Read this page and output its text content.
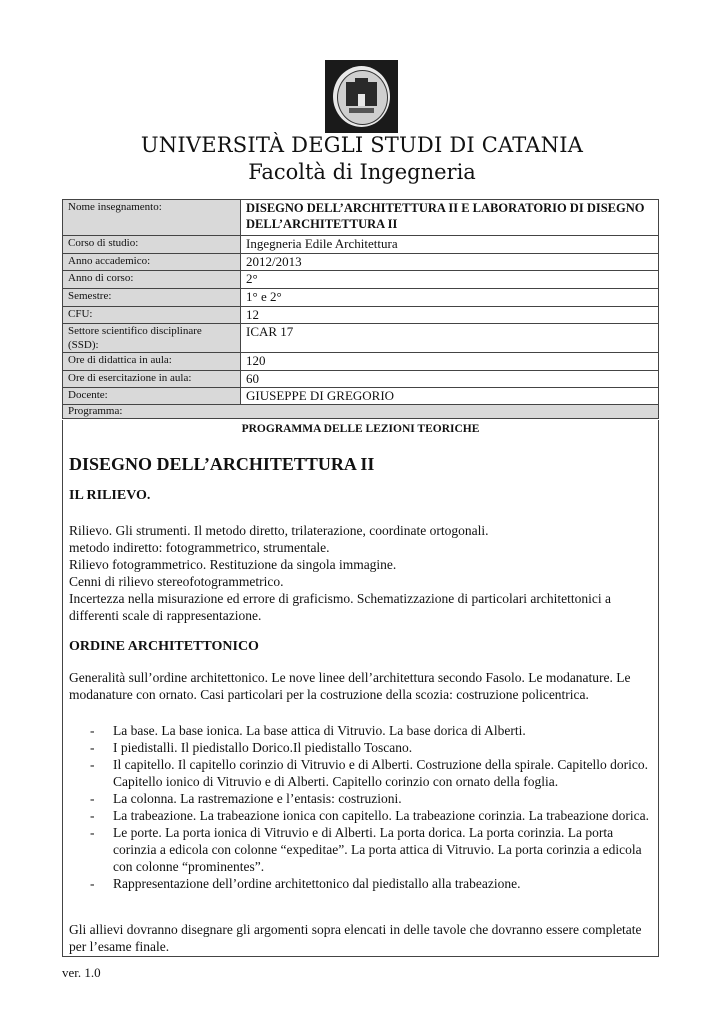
UNIVERSITÀ DEGLI STUDI DI CATANIA
Facoltà di Ingegneria
Nome insegnamento:	DISEGNO DELL’ARCHITETTURA II E LABORATORIO DI DISEGNO DELL’ARCHITETTURA II
Corso di studio:	Ingegneria Edile Architettura
Anno accademico:	2012/2013
Anno di corso:	2°
Semestre:	1° e 2°
CFU:	12
Settore scientifico disciplinare (SSD):	ICAR 17
Ore di didattica in aula:	120
Ore di esercitazione in aula:	60
Docente:	GIUSEPPE DI GREGORIO
Programma:	
PROGRAMMA DELLE LEZIONI TEORICHE
DISEGNO DELL’ARCHITETTURA II
IL RILIEVO.
Rilievo. Gli strumenti. Il metodo diretto, trilaterazione, coordinate ortogonali.
metodo indiretto: fotogrammetrico, strumentale.
Rilievo fotogrammetrico. Restituzione da singola immagine.
Cenni di rilievo stereofotogrammetrico.
Incertezza nella misurazione ed errore di graficismo. Schematizzazione di particolari architettonici a differenti scale di rappresentazione.
ORDINE ARCHITETTONICO
Generalità sull’ordine architettonico. Le nove linee dell’architettura secondo Fasolo. Le modanature. Le modanature con ornato. Casi particolari per la costruzione della scozia: costruzione policentrica.
- La base. La base ionica. La base attica di Vitruvio. La base dorica di Alberti.
- I piedistalli. Il piedistallo Dorico.Il piedistallo Toscano.
- Il capitello. Il capitello corinzio di Vitruvio e di Alberti. Costruzione della spirale. Capitello dorico. Capitello ionico di Vitruvio e di Alberti. Capitello corinzio con ornato della foglia.
- La colonna. La rastremazione e l’entasis: costruzioni.
- La trabeazione. La trabeazione ionica con capitello. La trabeazione corinzia. La trabeazione dorica.
- Le porte. La porta ionica di Vitruvio e di Alberti. La porta dorica. La porta corinzia. La porta corinzia a edicola con colonne “expeditae”. La porta attica di Vitruvio. La porta corinzia a edicola con colonne “prominentes”.
- Rappresentazione dell’ordine architettonico dal piedistallo alla trabeazione.
Gli allievi dovranno disegnare gli argomenti sopra elencati in delle tavole che dovranno essere completate per l’esame finale.
ver. 1.0
